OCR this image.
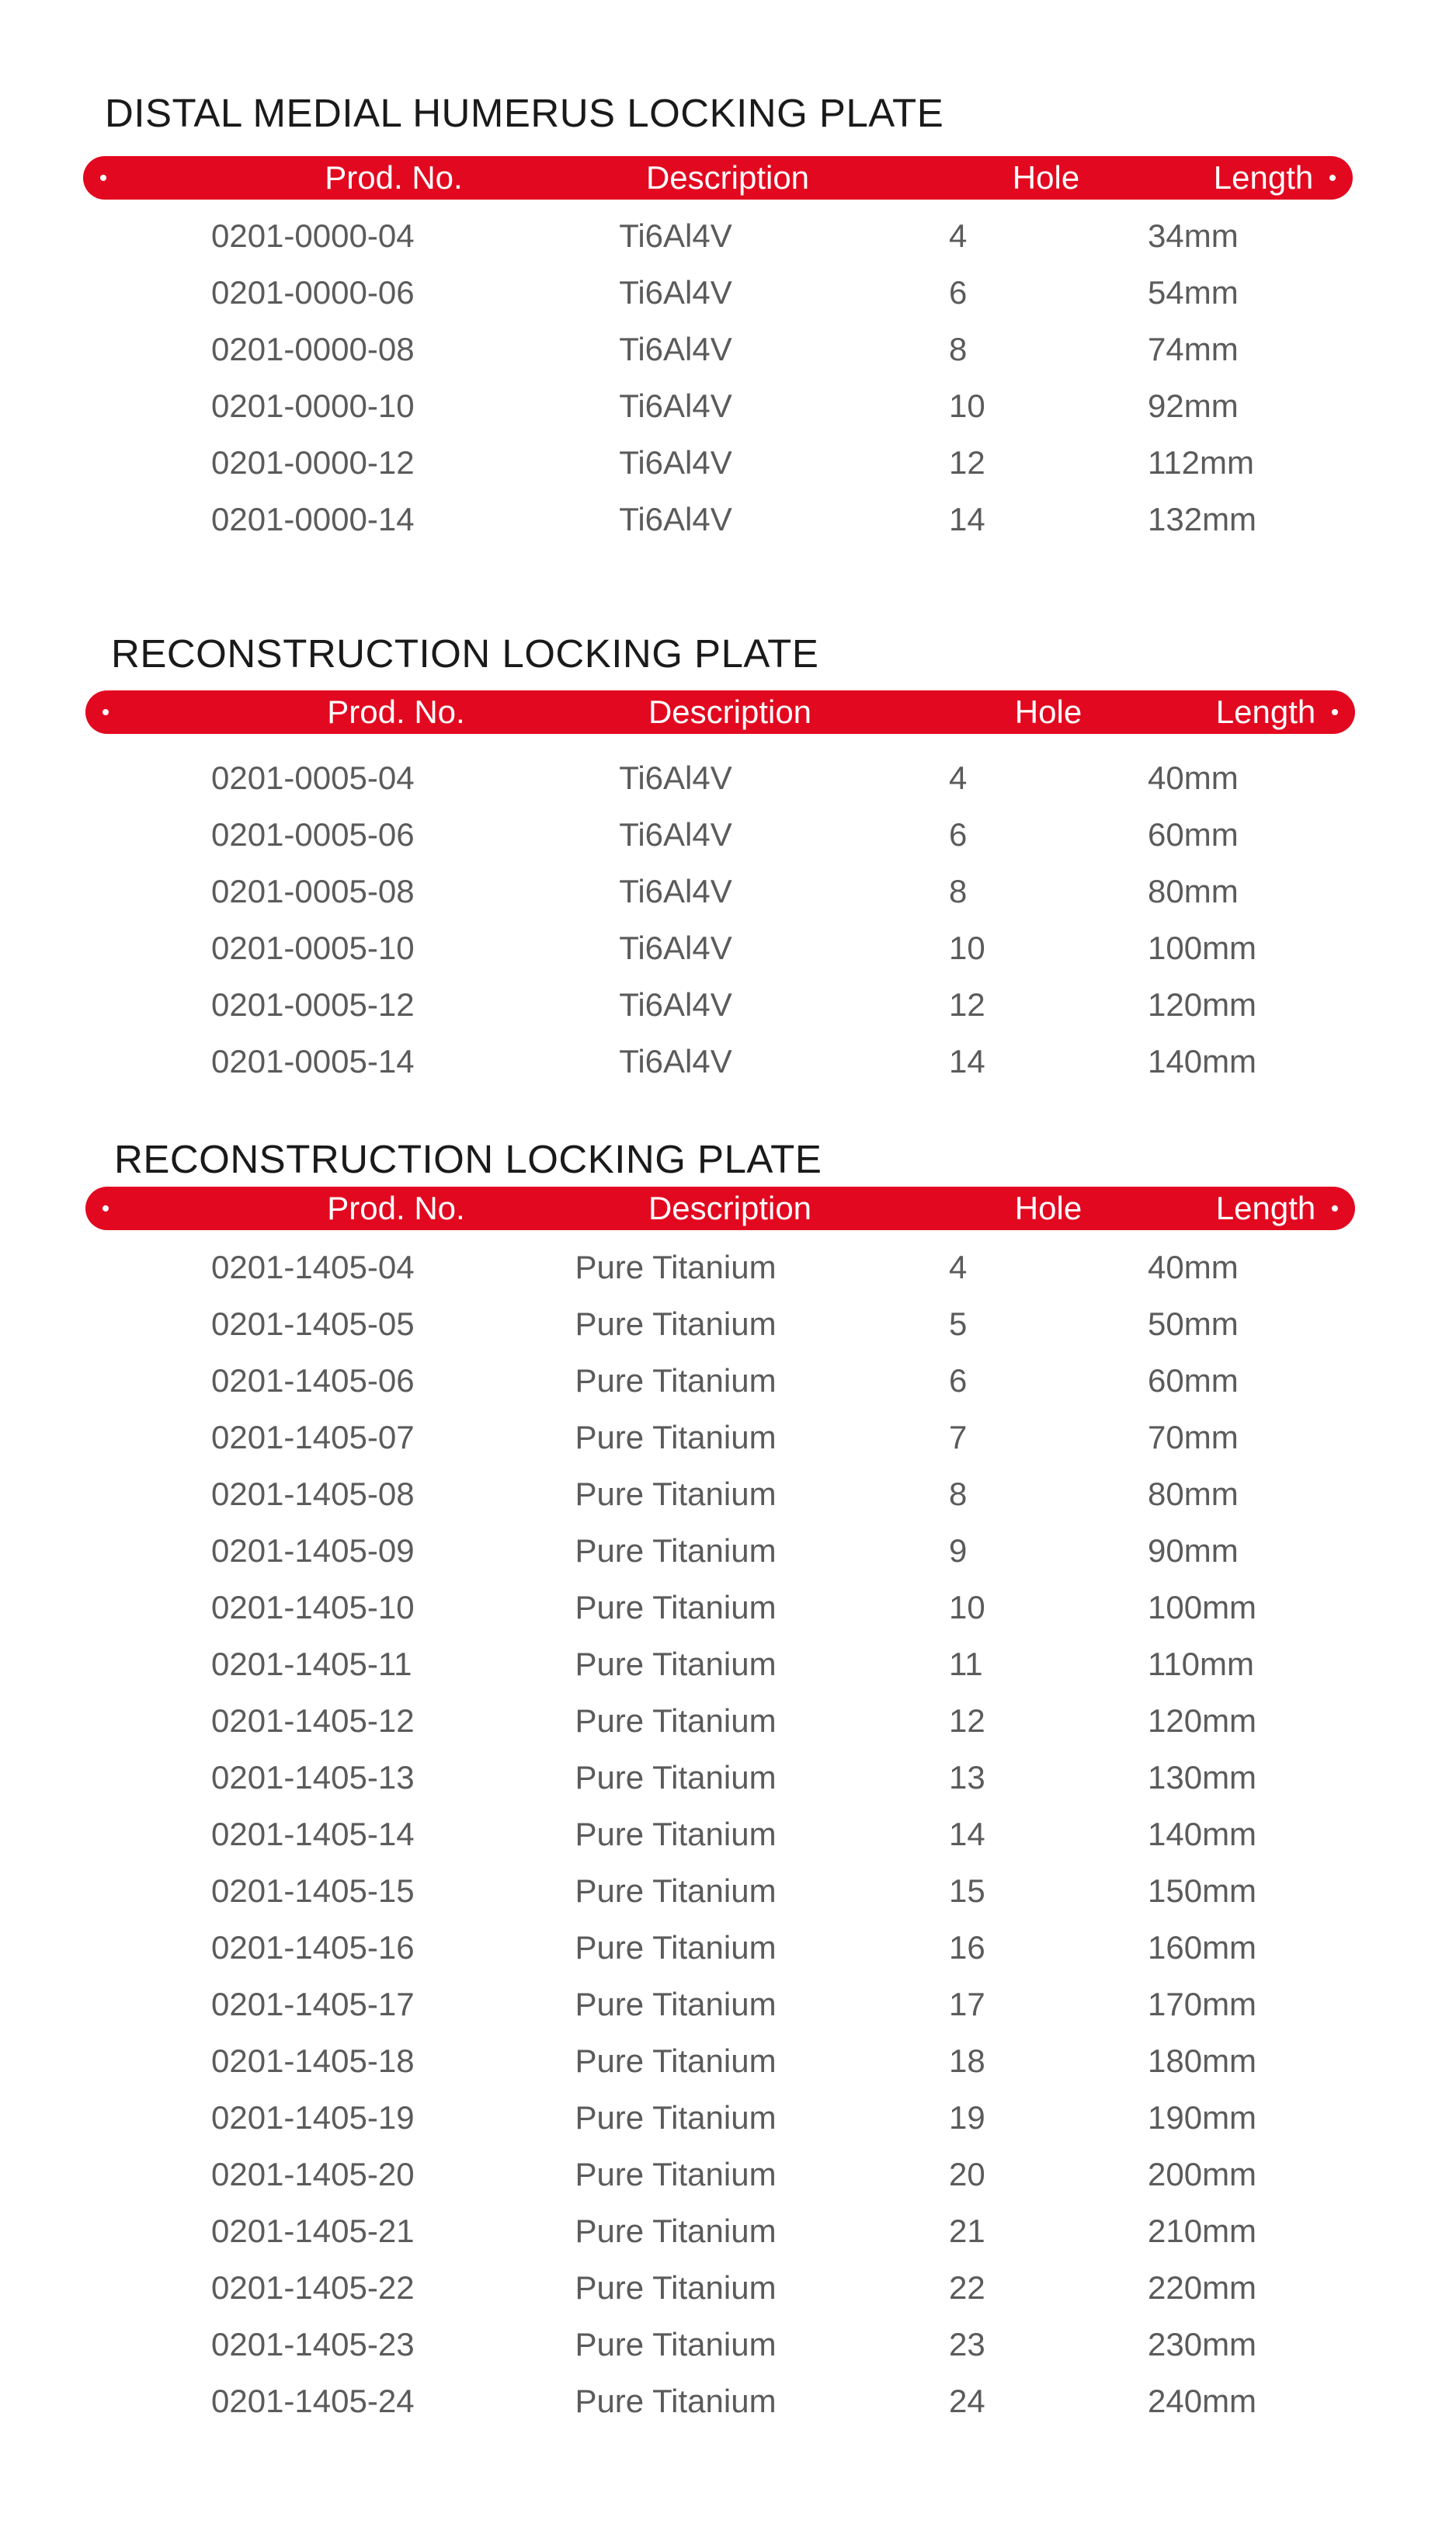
DISTAL MEDIAL HUMERUS LOCKING PLATE
Prod. No.	Description	Hole	Length
0201-0000-04	Ti6Al4V	4	34mm
0201-0000-06	Ti6Al4V	6	54mm
0201-0000-08	Ti6Al4V	8	74mm
0201-0000-10	Ti6Al4V	10	92mm
0201-0000-12	Ti6Al4V	12	112mm
0201-0000-14	Ti6Al4V	14	132mm
RECONSTRUCTION LOCKING PLATE
Prod. No.	Description	Hole	Length
0201-0005-04	Ti6Al4V	4	40mm
0201-0005-06	Ti6Al4V	6	60mm
0201-0005-08	Ti6Al4V	8	80mm
0201-0005-10	Ti6Al4V	10	100mm
0201-0005-12	Ti6Al4V	12	120mm
0201-0005-14	Ti6Al4V	14	140mm
RECONSTRUCTION LOCKING PLATE
Prod. No.	Description	Hole	Length
0201-1405-04	Pure Titanium	4	40mm
0201-1405-05	Pure Titanium	5	50mm
0201-1405-06	Pure Titanium	6	60mm
0201-1405-07	Pure Titanium	7	70mm
0201-1405-08	Pure Titanium	8	80mm
0201-1405-09	Pure Titanium	9	90mm
0201-1405-10	Pure Titanium	10	100mm
0201-1405-11	Pure Titanium	11	110mm
0201-1405-12	Pure Titanium	12	120mm
0201-1405-13	Pure Titanium	13	130mm
0201-1405-14	Pure Titanium	14	140mm
0201-1405-15	Pure Titanium	15	150mm
0201-1405-16	Pure Titanium	16	160mm
0201-1405-17	Pure Titanium	17	170mm
0201-1405-18	Pure Titanium	18	180mm
0201-1405-19	Pure Titanium	19	190mm
0201-1405-20	Pure Titanium	20	200mm
0201-1405-21	Pure Titanium	21	210mm
0201-1405-22	Pure Titanium	22	220mm
0201-1405-23	Pure Titanium	23	230mm
0201-1405-24	Pure Titanium	24	240mm
